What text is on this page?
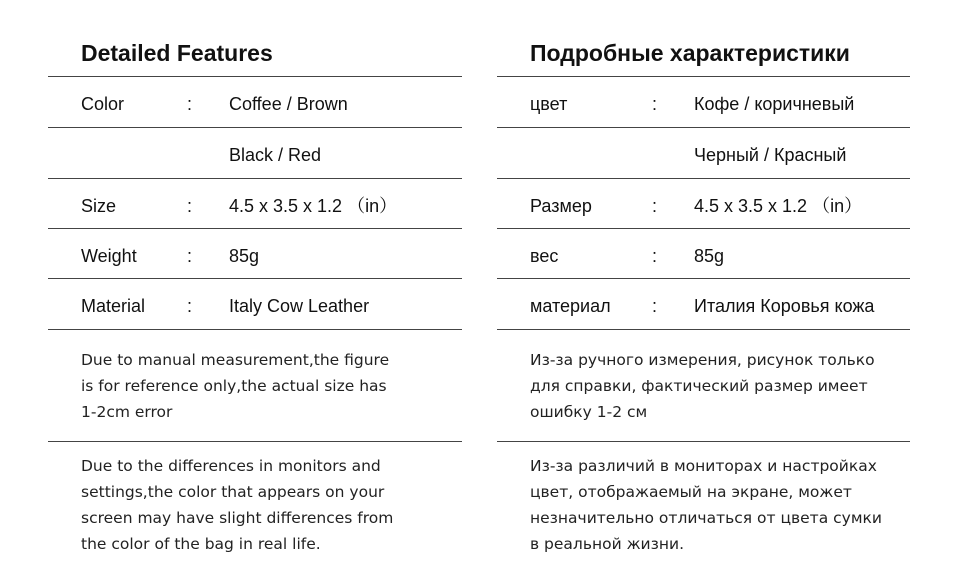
Detailed Features
Color	: Coffee / Brown
Black / Red
Size	: 4.5 x 3.5 x 1.2 （in）
Weight	: 85g
Material : Italy Cow Leather
Due to manual measurement,the figure
is for reference only,the actual size has
1-2cm error
Due to the differences in monitors and
settings,the color that appears on your
screen may have slight differences from
the color of the bag in real life.
Подробные характеристики
цвет	: Кофе / коричневый
Черный / Красный
Размер	: 4.5 x 3.5 x 1.2 （in）
вес	: 85g
материал : Италия Коровья кожа
Из-за ручного измерения, рисунок только
для справки, фактический размер имеет
ошибку 1-2 см
Из-за различий в мониторах и настройках
цвет, отображаемый на экране, может
незначительно отличаться от цвета сумки
в реальной жизни.
